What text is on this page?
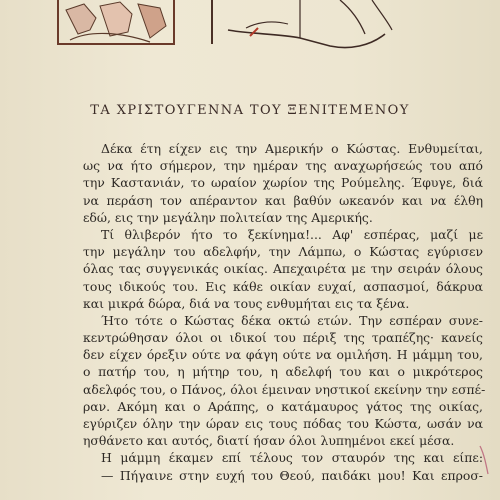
ΤΑ ΧΡΙΣΤΟΥΓΕΝΝΑ ΤΟΥ ΞΕΝΙΤΕΜΕΝΟΥ
Δέκα έτη είχεν εις την Αμερικήν ο Κώστας. Ενθυμείται,
ως να ήτο σήμερον, την ημέραν της αναχωρήσεώς του από
την Καστανιάν, το ωραίον χωρίον της Ρούμελης. Έφυγε, διά
να περάση τον απέραντον και βαθύν ωκεανόν και να έλθη
εδώ, εις την μεγάλην πολιτείαν της Αμερικής.
Τί θλιβερόν ήτο το ξεκίνημα!... Αφ' εσπέρας, μαζί με
την μεγάλην του αδελφήν, την Λάμπω, ο Κώστας εγύρισεν
όλας τας συγγενικάς οικίας. Απεχαιρέτα με την σειράν όλους
τους ιδικούς του. Εις κάθε οικίαν ευχαί, ασπασμοί, δάκρυα
και μικρά δώρα, διά να τους ενθυμήται εις τα ξένα.
Ήτο τότε ο Κώστας δέκα οκτώ ετών. Την εσπέραν συνε-
κεντρώθησαν όλοι οι ιδικοί του πέριξ της τραπέζης· κανείς
δεν είχεν όρεξιν ούτε να φάγη ούτε να ομιλήση. Η μάμμη του,
ο πατήρ του, η μήτηρ του, η αδελφή του και ο μικρότερος
αδελφός του, ο Πάνος, όλοι έμειναν νηστικοί εκείνην την εσπέ-
ραν. Ακόμη και ο Αράπης, ο κατάμαυρος γάτος της οικίας,
εγύριζεν όλην την ώραν εις τους πόδας του Κώστα, ωσάν να
ησθάνετο και αυτός, διατί ήσαν όλοι λυπημένοι εκεί μέσα.
Η μάμμη έκαμεν επί τέλους τον σταυρόν της και είπε:
— Πήγαινε στην ευχή του Θεού, παιδάκι μου! Και επροσ-
